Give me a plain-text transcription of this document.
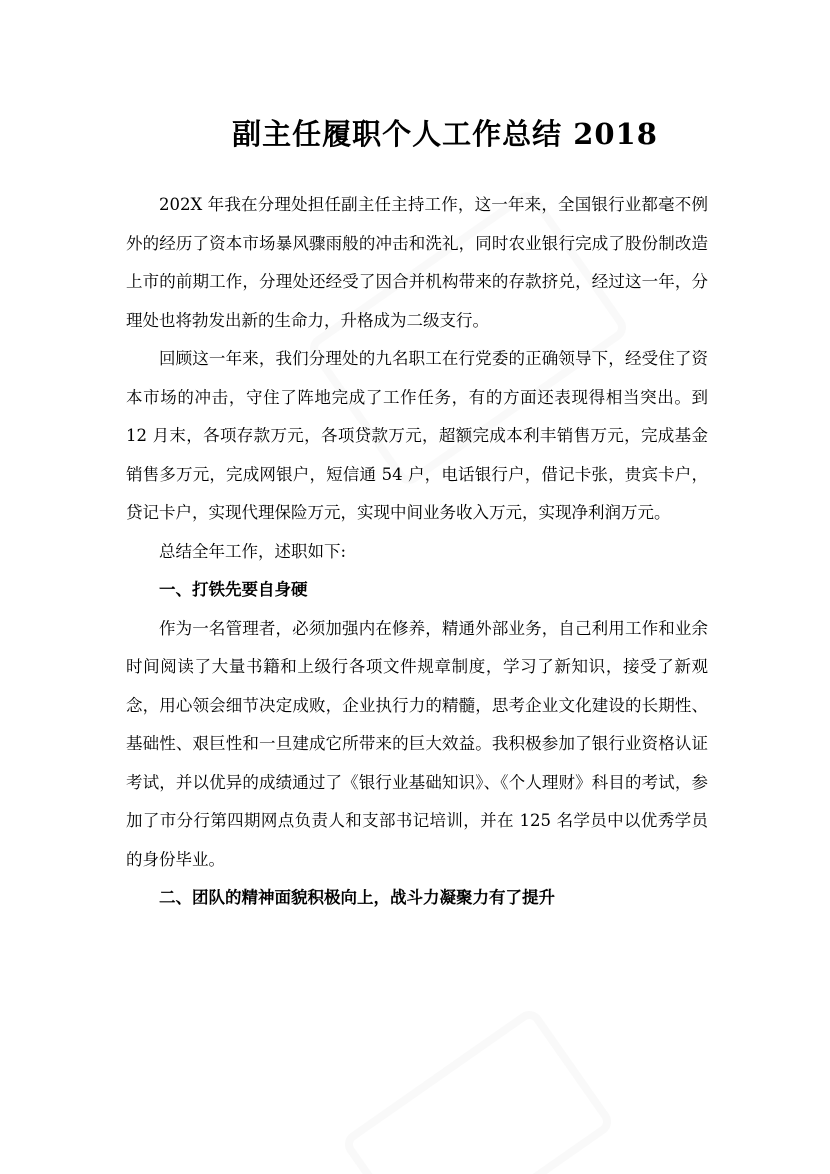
副主任履职个人工作总结 2018

202X 年我在分理处担任副主任主持工作，这一年来，全国银行业都毫不例外的经历了资本市场暴风骤雨般的冲击和洗礼，同时农业银行完成了股份制改造上市的前期工作，分理处还经受了因合并机构带来的存款挤兑，经过这一年，分理处也将勃发出新的生命力，升格成为二级支行。

回顾这一年来，我们分理处的九名职工在行党委的正确领导下，经受住了资本市场的冲击，守住了阵地完成了工作任务，有的方面还表现得相当突出。到 12 月末，各项存款万元，各项贷款万元，超额完成本利丰销售万元，完成基金销售多万元，完成网银户，短信通 54 户，电话银行户，借记卡张，贵宾卡户，贷记卡户，实现代理保险万元，实现中间业务收入万元，实现净利润万元。

总结全年工作，述职如下:

一、打铁先要自身硬

作为一名管理者，必须加强内在修养，精通外部业务，自己利用工作和业余时间阅读了大量书籍和上级行各项文件规章制度，学习了新知识，接受了新观念，用心领会细节决定成败，企业执行力的精髓，思考企业文化建设的长期性、基础性、艰巨性和一旦建成它所带来的巨大效益。我积极参加了银行业资格认证考试，并以优异的成绩通过了《银行业基础知识》、《个人理财》科目的考试，参加了市分行第四期网点负责人和支部书记培训，并在 125 名学员中以优秀学员的身份毕业。

二、团队的精神面貌积极向上，战斗力凝聚力有了提升
